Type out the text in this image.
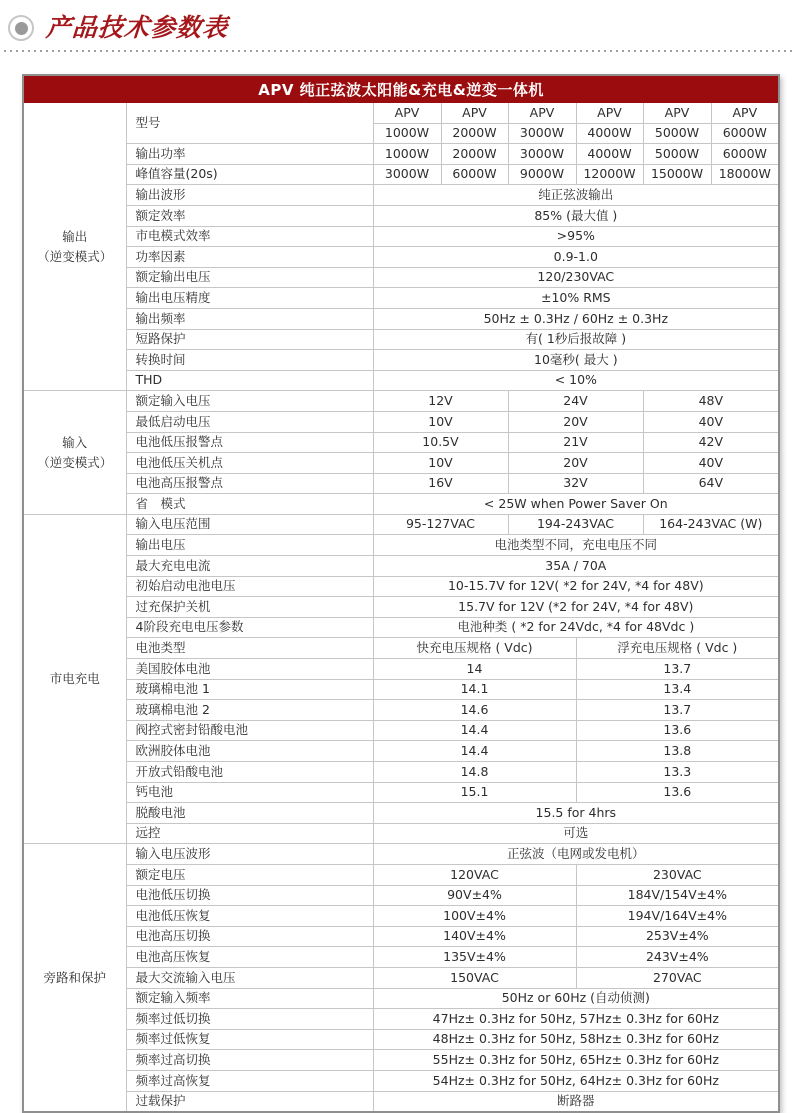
产品技术参数表
APV 纯正弦波太阳能&充电&逆变一体机							

输出
（逆变模式）	型号	APV	APV	APV	APV	APV	APV
		1000W	2000W	3000W	4000W	5000W	6000W
	输出功率	1000W	2000W	3000W	4000W	5000W	6000W
	峰值容量(20s)	3000W	6000W	9000W	12000W	15000W	18000W
	输出波形	纯正弦波输出					
	额定效率	85% (最大值 )					
	市电模式效率	>95%					
	功率因素	0.9-1.0					
	额定输出电压	120/230VAC					
	输出电压精度	±10% RMS					
	输出频率	50Hz ± 0.3Hz / 60Hz ± 0.3Hz					
	短路保护	有( 1秒后报故障 )					
	转换时间	10毫秒( 最大 )					
	THD	< 10%					

输入
（逆变模式）	额定输入电压	12V		24V		48V	
	最低启动电压	10V		20V		40V	
	电池低压报警点	10.5V		21V		42V	
	电池低压关机点	10V		20V		40V	
	电池高压报警点	16V		32V		64V	
	省　模式	< 25W when Power Saver On					

市电充电	输入电压范围	95-127VAC		194-243VAC		164-243VAC (W)	
	输出电压	电池类型不同，充电电压不同					
	最大充电电流	35A / 70A					
	初始启动电池电压	10-15.7V for 12V( *2 for 24V, *4 for 48V)					
	过充保护关机	15.7V for 12V (*2 for 24V, *4 for 48V)					
	4阶段充电电压参数	电池种类 ( *2 for 24Vdc, *4 for 48Vdc )					
	电池类型	快充电压规格 ( Vdc)			浮充电压规格 ( Vdc )		
	美国胶体电池	14			13.7		
	玻璃棉电池 1	14.1			13.4		
	玻璃棉电池 2	14.6			13.7		
	阀控式密封铅酸电池	14.4			13.6		
	欧洲胶体电池	14.4			13.8		
	开放式铅酸电池	14.8			13.3		
	钙电池	15.1			13.6		
	脱酸电池	15.5 for 4hrs					
	远控	可选					

旁路和保护	输入电压波形	正弦波（电网或发电机）					
	额定电压	120VAC			230VAC		
	电池低压切换	90V±4%			184V/154V±4%		
	电池低压恢复	100V±4%			194V/164V±4%		
	电池高压切换	140V±4%			253V±4%		
	电池高压恢复	135V±4%			243V±4%		
	最大交流输入电压	150VAC			270VAC		
	额定输入频率	50Hz or 60Hz (自动侦测)					
	频率过低切换	47Hz± 0.3Hz for 50Hz, 57Hz± 0.3Hz for 60Hz					
	频率过低恢复	48Hz± 0.3Hz for 50Hz, 58Hz± 0.3Hz for 60Hz					
	频率过高切换	55Hz± 0.3Hz for 50Hz, 65Hz± 0.3Hz for 60Hz					
	频率过高恢复	54Hz± 0.3Hz for 50Hz, 64Hz± 0.3Hz for 60Hz					
	过载保护	断路器					
